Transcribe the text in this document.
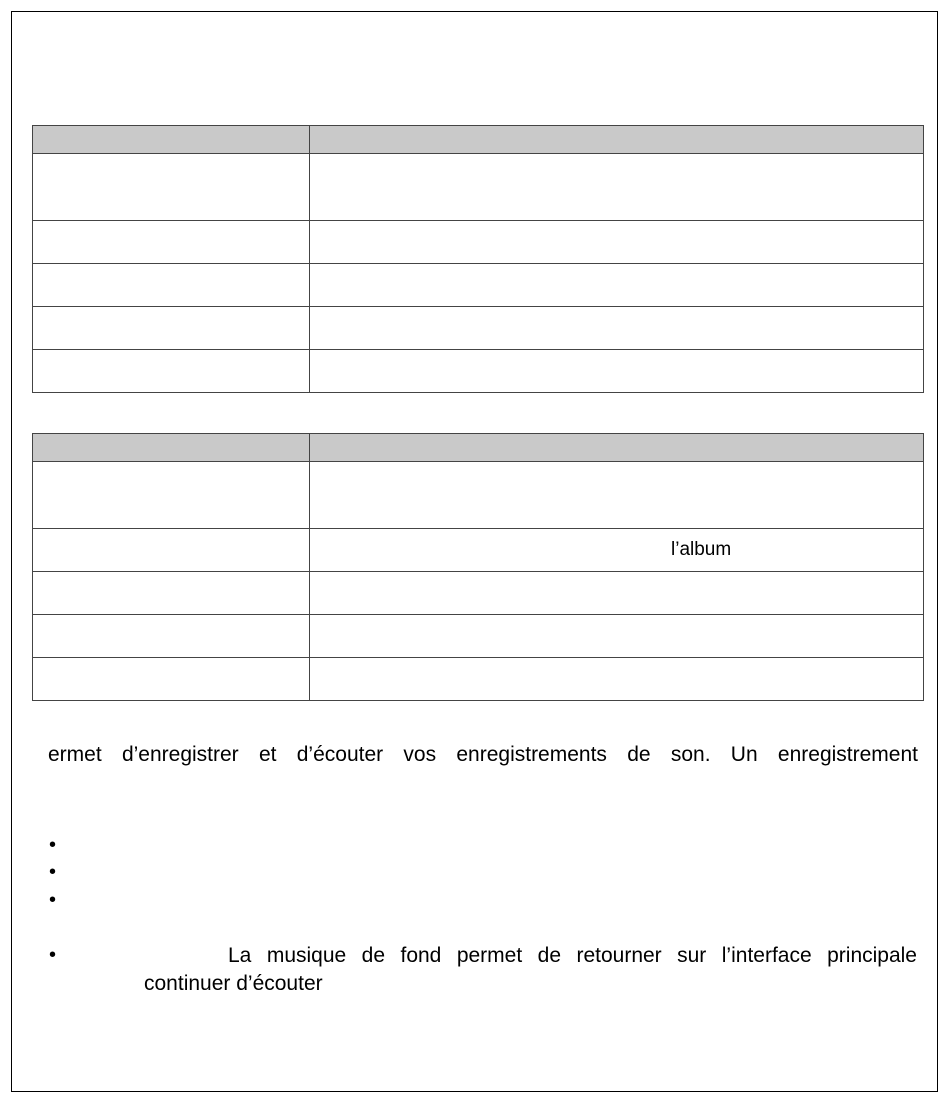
	l’album

ermet d’enregistrer et d’écouter vos enregistrements de son. Un enregistrement
•
•
•
•	La musique de fond permet de retourner sur l’interface principale
continuer d’écouter
